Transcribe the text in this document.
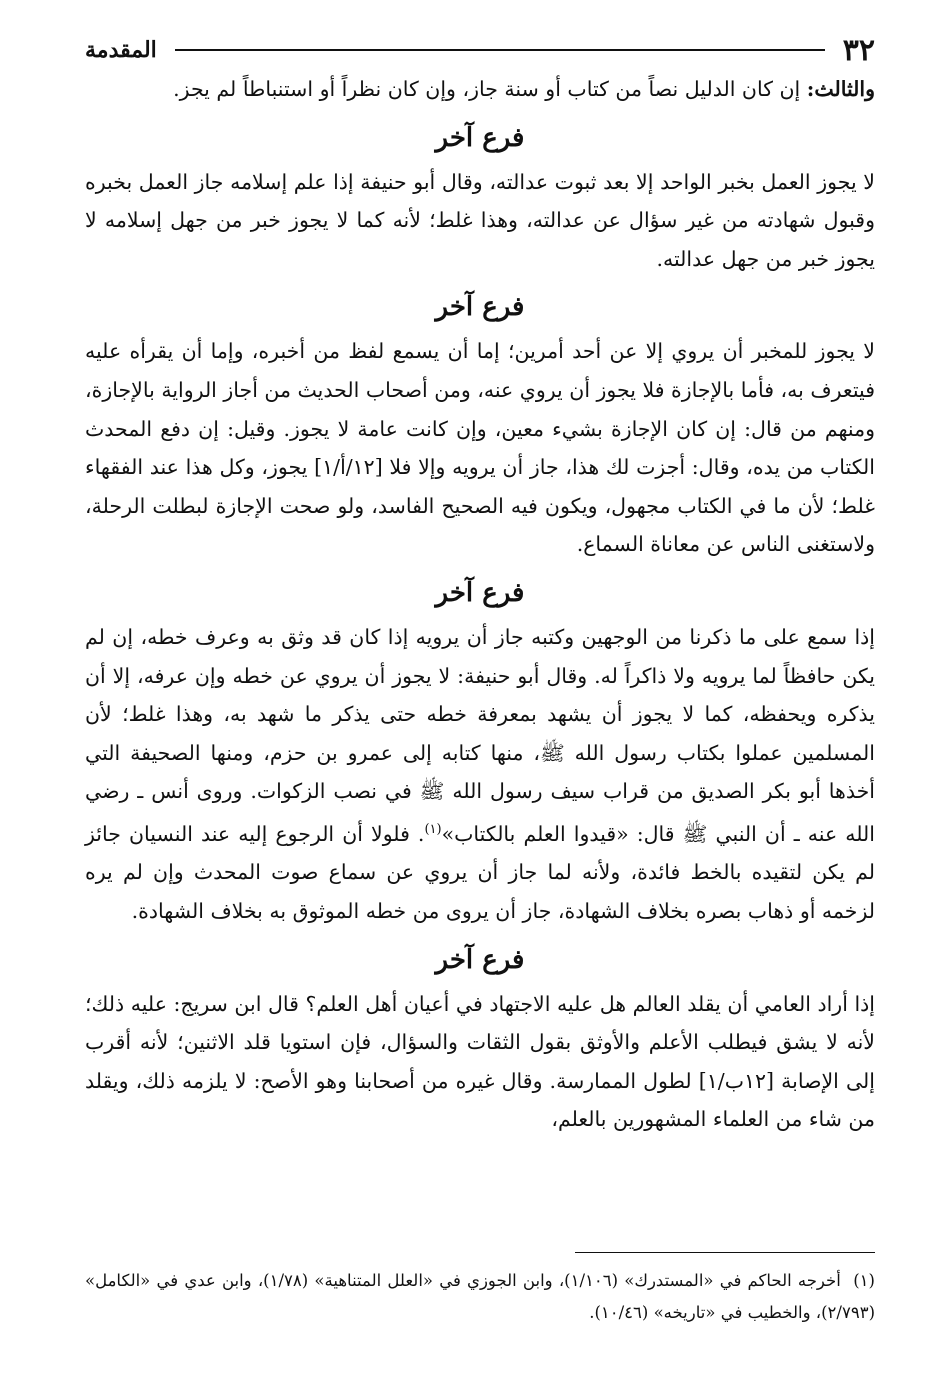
٣٢
المقدمة

والثالث: إن كان الدليل نصاً من كتاب أو سنة جاز، وإن كان نظراً أو استنباطاً لم يجز.

فرع آخر

لا يجوز العمل بخبر الواحد إلا بعد ثبوت عدالته، وقال أبو حنيفة إذا علم إسلامه جاز العمل بخبره وقبول شهادته من غير سؤال عن عدالته، وهذا غلط؛ لأنه كما لا يجوز خبر من جهل إسلامه لا يجوز خبر من جهل عدالته.

فرع آخر

لا يجوز للمخبر أن يروي إلا عن أحد أمرين؛ إما أن يسمع لفظ من أخبره، وإما أن يقرأه عليه فيتعرف به، فأما بالإجازة فلا يجوز أن يروي عنه، ومن أصحاب الحديث من أجاز الرواية بالإجازة، ومنهم من قال: إن كان الإجازة بشيء معين، وإن كانت عامة لا يجوز. وقيل: إن دفع المحدث الكتاب من يده، وقال: أجزت لك هذا، جاز أن يرويه وإلا فلا [١٢/أ/١] يجوز، وكل هذا عند الفقهاء غلط؛ لأن ما في الكتاب مجهول، ويكون فيه الصحيح الفاسد، ولو صحت الإجازة لبطلت الرحلة، ولاستغنى الناس عن معاناة السماع.

فرع آخر

إذا سمع على ما ذكرنا من الوجهين وكتبه جاز أن يرويه إذا كان قد وثق به وعرف خطه، إن لم يكن حافظاً لما يرويه ولا ذاكراً له. وقال أبو حنيفة: لا يجوز أن يروي عن خطه وإن عرفه، إلا أن يذكره ويحفظه، كما لا يجوز أن يشهد بمعرفة خطه حتى يذكر ما شهد به، وهذا غلط؛ لأن المسلمين عملوا بكتاب رسول الله ﷺ، منها كتابه إلى عمرو بن حزم، ومنها الصحيفة التي أخذها أبو بكر الصديق من قراب سيف رسول الله ﷺ في نصب الزكوات. وروى أنس ـ رضي الله عنه ـ أن النبي ﷺ قال: «قيدوا العلم بالكتاب»$^{(١)}$. فلولا أن الرجوع إليه عند النسيان جائز لم يكن لتقيده بالخط فائدة، ولأنه لما جاز أن يروي عن سماع صوت المحدث وإن لم يره لزخمه أو ذهاب بصره بخلاف الشهادة، جاز أن يروى من خطه الموثوق به بخلاف الشهادة.

فرع آخر

إذا أراد العامي أن يقلد العالم هل عليه الاجتهاد في أعيان أهل العلم؟ قال ابن سريج: عليه ذلك؛ لأنه لا يشق فيطلب الأعلم والأوثق بقول الثقات والسؤال، فإن استويا قلد الاثنين؛ لأنه أقرب إلى الإصابة [١٢ب/١] لطول الممارسة. وقال غيره من أصحابنا وهو الأصح: لا يلزمه ذلك، ويقلد من شاء من العلماء المشهورين بالعلم،

(١)  أخرجه الحاكم في «المستدرك» (١/١٠٦)، وابن الجوزي في «العلل المتناهية» (١/٧٨)، وابن عدي في «الكامل» (٢/٧٩٣)، والخطيب في «تاريخه» (١٠/٤٦).
